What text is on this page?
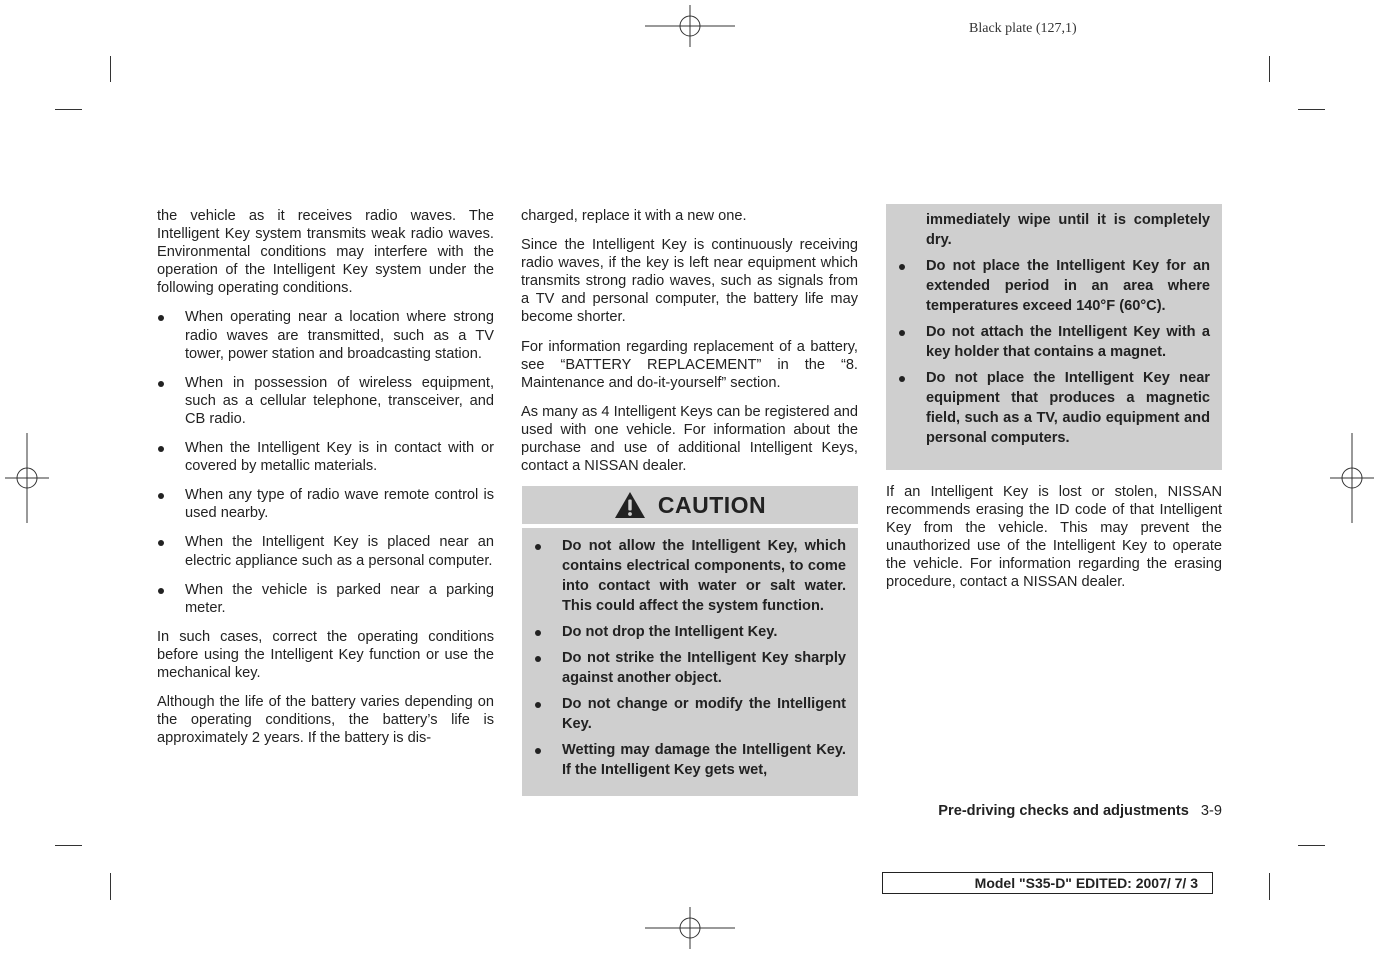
Black plate (127,1)

the vehicle as it receives radio waves. The Intelligent Key system transmits weak radio waves. Environmental conditions may interfere with the operation of the Intelligent Key system under the following operating conditions.

When operating near a location where strong radio waves are transmitted, such as a TV tower, power station and broadcasting station.
When in possession of wireless equipment, such as a cellular telephone, transceiver, and CB radio.
When the Intelligent Key is in contact with or covered by metallic materials.
When any type of radio wave remote control is used nearby.
When the Intelligent Key is placed near an electric appliance such as a personal computer.
When the vehicle is parked near a parking meter.

In such cases, correct the operating conditions before using the Intelligent Key function or use the mechanical key.

Although the life of the battery varies depending on the operating conditions, the battery’s life is approximately 2 years. If the battery is dis-

charged, replace it with a new one.

Since the Intelligent Key is continuously receiving radio waves, if the key is left near equipment which transmits strong radio waves, such as signals from a TV and personal computer, the battery life may become shorter.

For information regarding replacement of a battery, see “BATTERY REPLACEMENT” in the “8. Maintenance and do-it-yourself” section.

As many as 4 Intelligent Keys can be registered and used with one vehicle. For information about the purchase and use of additional Intelligent Keys, contact a NISSAN dealer.

CAUTION
Do not allow the Intelligent Key, which contains electrical components, to come into contact with water or salt water. This could affect the system function.
Do not drop the Intelligent Key.
Do not strike the Intelligent Key sharply against another object.
Do not change or modify the Intelligent Key.
Wetting may damage the Intelligent Key. If the Intelligent Key gets wet,
immediately wipe until it is completely dry.
Do not place the Intelligent Key for an extended period in an area where temperatures exceed 140°F (60°C).
Do not attach the Intelligent Key with a key holder that contains a magnet.
Do not place the Intelligent Key near equipment that produces a magnetic field, such as a TV, audio equipment and personal computers.

If an Intelligent Key is lost or stolen, NISSAN recommends erasing the ID code of that Intelligent Key from the vehicle. This may prevent the unauthorized use of the Intelligent Key to operate the vehicle. For information regarding the erasing procedure, contact a NISSAN dealer.

Pre-driving checks and adjustments 3-9
Model "S35-D" EDITED: 2007/ 7/ 3
